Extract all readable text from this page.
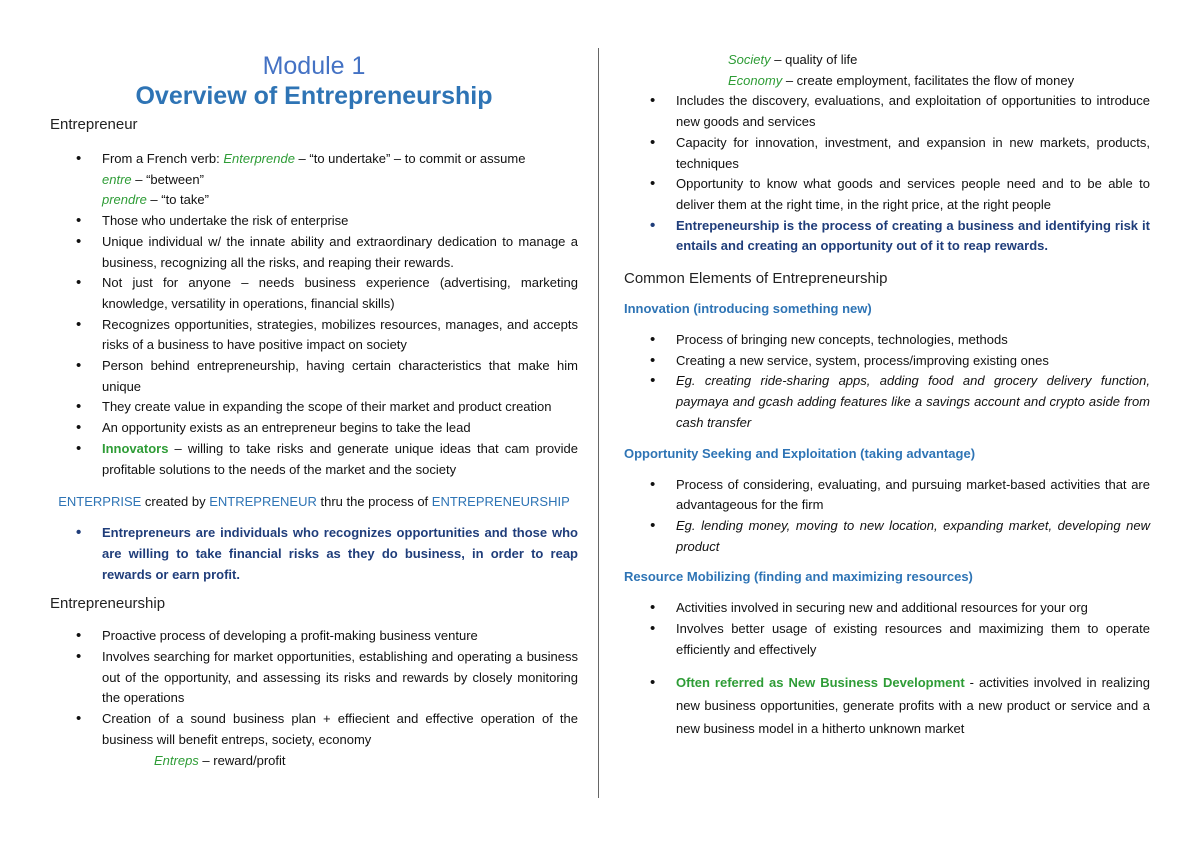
Module 1
Overview of Entrepreneurship
Entrepreneur
• From a French verb: Enterprende – “to undertake” – to commit or assume
entre – “between”
prendre – “to take”
• Those who undertake the risk of enterprise
• Unique individual w/ the innate ability and extraordinary dedication to manage a business, recognizing all the risks, and reaping their rewards.
• Not just for anyone – needs business experience (advertising, marketing knowledge, versatility in operations, financial skills)
• Recognizes opportunities, strategies, mobilizes resources, manages, and accepts risks of a business to have positive impact on society
• Person behind entrepreneurship, having certain characteristics that make him unique
• They create value in expanding the scope of their market and product creation
• An opportunity exists as an entrepreneur begins to take the lead
• Innovators – willing to take risks and generate unique ideas that cam provide profitable solutions to the needs of the market and the society
ENTERPRISE created by ENTREPRENEUR thru the process of ENTREPRENEURSHIP
• Entrepreneurs are individuals who recognizes opportunities and those who are willing to take financial risks as they do business, in order to reap rewards or earn profit.
Entrepreneurship
• Proactive process of developing a profit-making business venture
• Involves searching for market opportunities, establishing and operating a business out of the opportunity, and assessing its risks and rewards by closely monitoring the operations
• Creation of a sound business plan + effiecient and effective operation of the business will benefit entreps, society, economy
Entreps – reward/profit
Society – quality of life
Economy – create employment, facilitates the flow of money
• Includes the discovery, evaluations, and exploitation of opportunities to introduce new goods and services
• Capacity for innovation, investment, and expansion in new markets, products, techniques
• Opportunity to know what goods and services people need and to be able to deliver them at the right time, in the right price, at the right people
• Entrepeneurship is the process of creating a business and identifying risk it entails and creating an opportunity out of it to reap rewards.
Common Elements of Entrepreneurship
Innovation (introducing something new)
• Process of bringing new concepts, technologies, methods
• Creating a new service, system, process/improving existing ones
• Eg. creating ride-sharing apps, adding food and grocery delivery function, paymaya and gcash adding features like a savings account and crypto aside from cash transfer
Opportunity Seeking and Exploitation (taking advantage)
• Process of considering, evaluating, and pursuing market-based activities that are advantageous for the firm
• Eg. lending money, moving to new location, expanding market, developing new product
Resource Mobilizing (finding and maximizing resources)
• Activities involved in securing new and additional resources for your org
• Involves better usage of existing resources and maximizing them to operate efficiently and effectively
• Often referred as New Business Development - activities involved in realizing new business opportunities, generate profits with a new product or service and a new business model in a hitherto unknown market
